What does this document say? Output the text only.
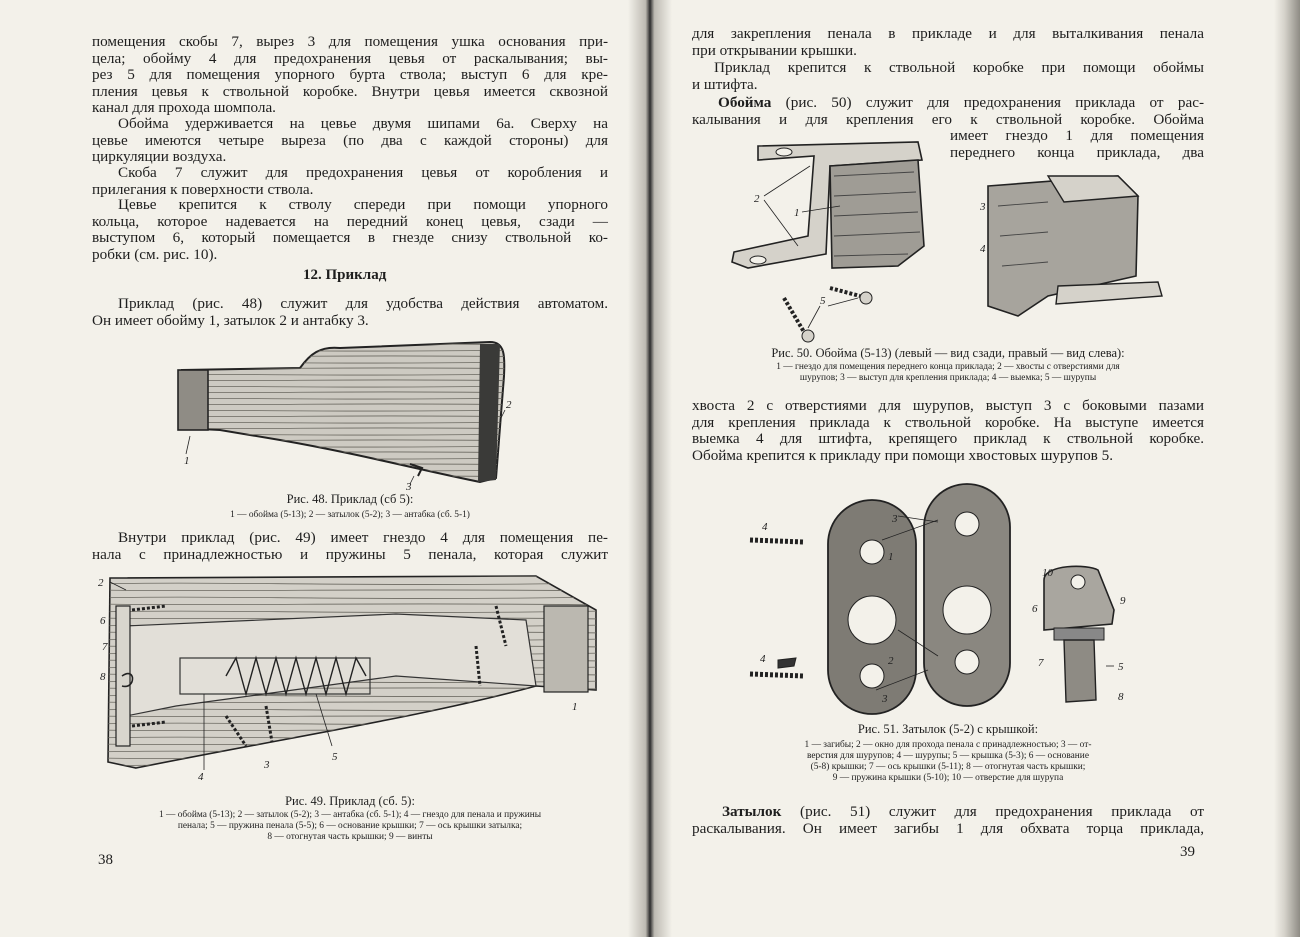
помещения скобы 7, вырез 3 для помещения ушка основания при-
цела; обойму 4 для предохранения цевья от раскалывания; вы-
рез 5 для помещения упорного бурта ствола; выступ 6 для кре-
пления цевья к ствольной коробке. Внутри цевья имеется сквозной
канал для прохода шомпола.
Обойма удерживается на цевье двумя шипами 6а. Сверху на
цевье имеются четыре выреза (по два с каждой стороны) для
циркуляции воздуха.
Скоба 7 служит для предохранения цевья от коробления и
прилегания к поверхности ствола.
Цевье крепится к стволу спереди при помощи упорного
кольца, которое надевается на передний конец цевья, сзади —
выступом 6, который помещается в гнезде снизу ствольной ко-
робки (см. рис. 10).
12. Приклад
Приклад (рис. 48) служит для удобства действия автоматом.
Он имеет обойму 1, затылок 2 и антабку 3.
1
2
3
Рис. 48. Приклад (сб 5):
1 — обойма (5-13); 2 — затылок (5-2); 3 — антабка (сб. 5-1)
Внутри приклад (рис. 49) имеет гнездо 4 для помещения пе-
нала с принадлежностью и пружины 5 пенала, которая служит
2
6
7
8
1
3
4
5
Рис. 49. Приклад (сб. 5):
1 — обойма (5-13); 2 — затылок (5-2); 3 — антабка (сб. 5-1); 4 — гнездо для пенала и пружины
пенала; 5 — пружина пенала (5-5); 6 — основание крышки; 7 — ось крышки затылка;
8 — отогнутая часть крышки; 9 — винты
38
для закрепления пенала в прикладе и для выталкивания пенала
при открывании крышки.
Приклад крепится к ствольной коробке при помощи обоймы
и штифта.
Обойма (рис. 50) служит для предохранения приклада от рас-
калывания и для крепления его к ствольной коробке. Обойма
имеет гнездо 1 для помещения
переднего конца приклада, два
2
1	3
4
5
Рис. 50. Обойма (5-13) (левый — вид сзади, правый — вид слева):
1 — гнездо для помещения переднего конца приклада; 2 — хвосты с отверстиями для
шурупов; 3 — выступ для крепления приклада; 4 — выемка; 5 — шурупы
хвоста 2 с отверстиями для шурупов, выступ 3 с боковыми пазами
для крепления приклада к ствольной коробке. На выступе имеется
выемка 4 для штифта, крепящего приклад к ствольной коробке.
Обойма крепится к прикладу при помощи хвостовых шурупов 5.
4
4
3
1
2
3
10
6
9
7	5
8
Рис. 51. Затылок (5-2) с крышкой:
1 — загибы; 2 — окно для прохода пенала с принадлежностью; 3 — от-
верстия для шурупов; 4 — шурупы; 5 — крышка (5-3); 6 — основание
(5-8) крышки; 7 — ось крышки (5-11); 8 — отогнутая часть крышки;
9 — пружина крышки (5-10); 10 — отверстие для шурупа
Затылок (рис. 51) служит для предохранения приклада от
раскалывания. Он имеет загибы 1 для обхвата торца приклада,
39
